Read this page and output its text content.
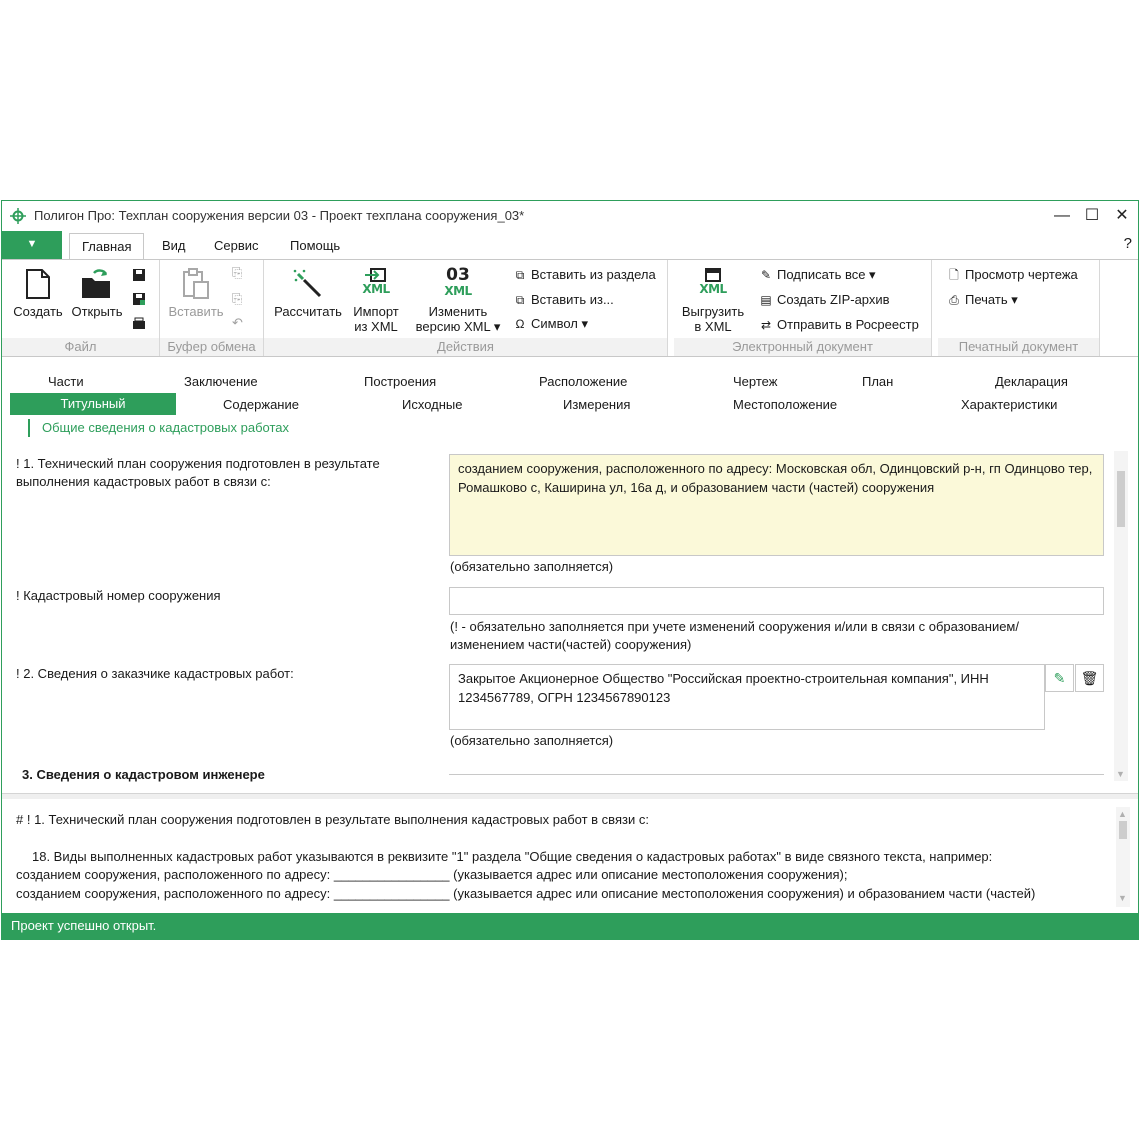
Полигон Про: Техплан сооружения версии 03 - Проект техплана сооружения_03*	— ☐	✕
▼	Главная	Вид	Сервис	Помощь	?
Создать Открыть
Файл
Вставить
⎘
⎘
↶
Буфер обмена
Рассчитать
XML
Импорт
из XML
03
XML
Изменить
версию XML ▾
⧉ Вставить из раздела
⧉ Вставить из...
Ω Символ ▾
Действия
XML
Выгрузить
в XML
✎ Подписать все ▾
▤ Создать ZIP-архив
⇄ Отправить в Росреестр
Электронный документ
🗋 Просмотр чертежа
⎙ Печать ▾
Печатный документ
Части	Заключение	Построения	Расположение	Чертеж	План	Декларация
Титульный	Содержание	Исходные	Измерения	Местоположение	Характеристики
Общие сведения о кадастровых работах
! 1. Технический план сооружения подготовлен в результате выполнения кадастровых работ в связи с:
созданием сооружения, расположенного по адресу: Московская обл, Одинцовский р-н, гп Одинцово тер, Ромашково с, Каширина ул, 16а д, и образованием части (частей) сооружения
(обязательно заполняется)
! Кадастровый номер сооружения
(! - обязательно заполняется при учете изменений сооружения и/или в связи с образованием/ изменением части(частей) сооружения)
! 2. Сведения о заказчике кадастровых работ:	Закрытое Акционерное Общество "Российская проектно-строительная компания", ИНН 1234567789, ОГРН 1234567890123
✎	🗑
(обязательно заполняется)
3. Сведения о кадастровом инженере	▼
# ! 1. Технический план сооружения подготовлен в результате выполнения кадастровых работ в связи с:
18. Виды выполненных кадастровых работ указываются в реквизите "1" раздела "Общие сведения о кадастровых работах" в виде связного текста, например:
созданием сооружения, расположенного по адресу: ________________ (указывается адрес или описание местоположения сооружения);
созданием сооружения, расположенного по адресу: ________________ (указывается адрес или описание местоположения сооружения) и образованием части (частей)
▲
▼
Проект успешно открыт.
